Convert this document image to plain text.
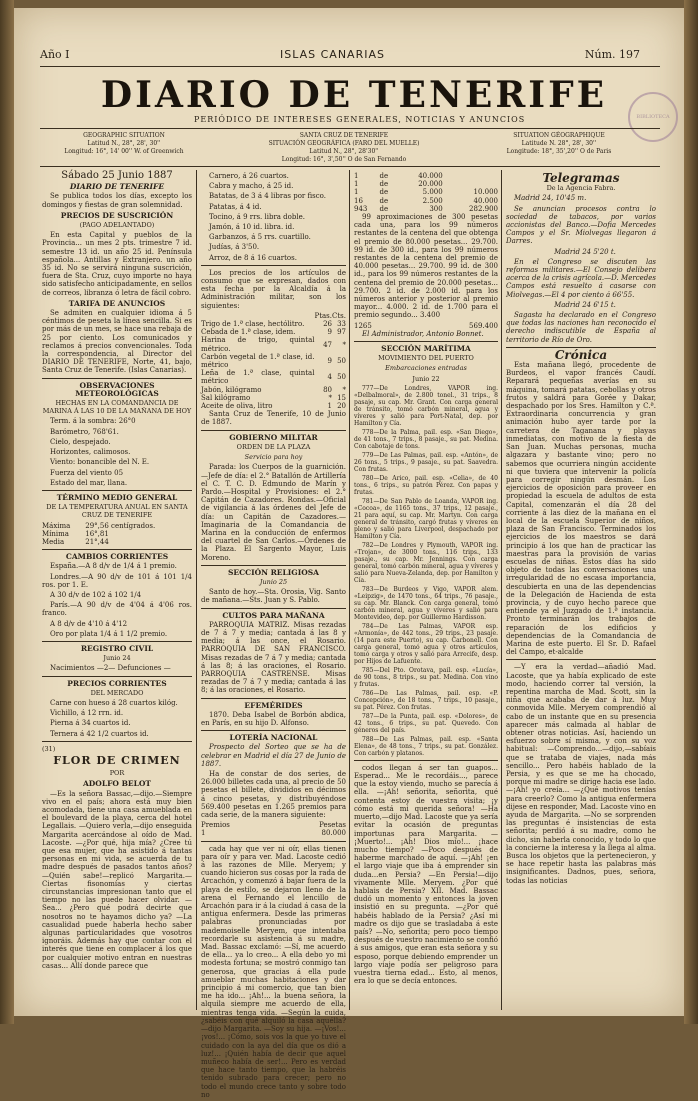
Año I	ISLAS CANARIAS	Núm. 197
DIARIO DE TENERIFE
PERIÓDICO DE INTERESES GENERALES, NOTICIAS Y ANUNCIOS	BIBLIOTECA
GEOGRAPHIC SITUATION
Latitud N., 28°, 28', 30''
Longitud: 16°, 14' 00'' W. of Greenwich
SANTA CRUZ DE TENERIFE
SITUACIÓN GEOGRÁFICA (FARO DEL MUELLE)
Latitud N., 28°, 28'30''
Longitud: 16°, 3',50'' O de San Fernando
SITUATION GÉOGRAPHIQUE
Latitude N. 28°, 28', 30''
Longitude: 18°, 35',20'' O de Paris

Sábado 25 Junio 1887

DIARIO DE TENERIFE

Se publica todos los días, excepto los domingos y fiestas de gran solemnidad.

PRECIOS DE SUSCRICIÓN

(PAGO ADELANTADO)

En esta Capital y pueblos de la Provincia... un mes 2 pts. trimestre 7 id. semestre 13 id. un año 25 id. Península española... Antillas y Extranjero. un año 35 id. No se servirá ninguna suscrición, fuera de Sta. Cruz, cuyo importe no haya sido satisfecho anticipadamente, en sellos de correos, libranza ó letra de fácil cobro.

TARIFA DE ANUNCIOS

Se admiten en cualquier idioma á 5 céntimos de peseta la línea sencilla. Si es por más de un mes, se hace una rebaja de 25 por ciento. Los comunicados y reclamos á precios convencionales. Toda la correspondencia, al Director del DIARIO DE TENERIFE, Norte, 41, bajo, Santa Cruz de Tenerife. (Islas Canarias).

OBSERVACIONES METEOROLÓGICAS

HECHAS EN LA COMANDANCIA DE MARINA Á LAS 10 DE LA MAÑANA DE HOY

Term. á la sombra: 26°0

Barómetro, 768'61.

Cielo, despejado.

Horizontes, calimosos.

Viento: bonancible del N. E.

Fuerza del viento 05

Estado del mar, llana.

TÉRMINO MEDIO GENERAL

DE LA TEMPERATURA ANUAL EN SANTA CRUZ DE TENERIFE

Máxima	29°,56 centígrados.
Mínima	16°,81
Media	21°,44

CAMBIOS CORRIENTES

España.—A 8 d/v de 1/4 á 1 premio.

Londres.—A 90 d/v de 101 á 101 1/4 ros. por 1. E.

A 30 d/v de 102 á 102 1/4

París.—A 90 d/v de 4'04 á 4'06 ros. franco.

A 8 d/v de 4'10 á 4'12

Oro por plata 1/4 á 1 1/2 premio.

REGISTRO CIVIL

Junio 24

Nacimientos —2— Defunciones —

PRECIOS CORRIENTES

DEL MERCADO

Carne con hueso á 28 cuartos kilóg.

Vichillo, á 12 rrn. id.

Pierna á 34 cuartos id.

Ternera á 42 1/2 cuartos id.

(31)

FLOR DE CRIMEN

POR

ADOLFO BELOT

—Es la señora Bassac,—dijo.—Siempre vivo en el país; ahora está muy bien acomodada, tiene una casa amueblada en el boulevard de la playa, cerca del hotel Legallais. —Quiero verla,—dijo enseguida Margarita acercándose al oído de Mad. Lacoste. —¿Por qué, hija mía? ¿Cree tú que esa mujer, que ha asistido á tantas personas en mi vida, se acuerda de tu madre después de pasados tantos años? —Quién sabe!—replicó Margarita.— Ciertas fisonomías y ciertas circunstancias impresionan tanto que el tiempo no las puede hacer olvidar. —Sea... ¿Pero qué podrá decirte que nosotros no te hayamos dicho ya? —La casualidad puede haberla hecho saber algunas particularidades que vosotros ignoráis. Además hay que contar con el interés que tiene en complacer á los que por cualquier motivo entran en nuestras casas... Allí donde parece que

Carnero, á 26 cuartos.

Cabra y macho, á 25 id.

Batatas, de 3 á 4 libras por fisco.

Patatas, á 4 id.

Tocino, á 9 rrs. libra doble.

Jamón, á 10 id. libra. id.

Garbanzos, á 5 rrs. cuartillo.

Judías, á 3'50.

Arroz, de 8 á 16 cuartos.

Los precios de los artículos de consumo que se expresan, dados con esta fecha por la Alcaldía á la Administración militar, son los siguientes:

	Ptas.	Cts.
Trigo de 1.ª clase, hectólitro.	26	33
Cebada de 1.ª clase, idem.	9	97
Harina de trigo, quintal métrico.	47	*
Carbón vegetal de 1.ª clase, id. métrico	9	50
Leña de 1.ª clase, quintal métrico	4	50
Jabón, kilógramo	80	*
Sal kilógramo	*	15
Aceite de oliva, litro	1	20

Santa Cruz de Tenerife, 10 de Junio de 1887.

GOBIERNO MILITAR

ORDEN DE LA PLAZA

Servicio para hoy

Parada: los Cuerpos de la guarnición.—Jefe de día: el 2.° Batallón de Artillería el C. T. C. D. Edmundo de Marín y Pardo.—Hospital y Provisiones: el 2.° Capitán de Cazadores. Rondas.—Oficial de vigilancia á las órdenes del Jefe de día: un Capitán de Cazadores.—Imaginaria de la Comandancia de Marina en la conducción de enfermos del cuartel de San Carlos.—Órdenes de la Plaza. El Sargento Mayor, Luis Moreno.

SECCIÓN RELIGIOSA

Junio 25

Santo de hoy.—Sta. Orosia, Vig. Santo de mañana.—Sts. Juan y S. Pablo.

CULTOS PARA MAÑANA

PARROQUIA MATRIZ. Misas rezadas de 7 á 7 y media; cantada á las 8 y media; á las once, el Rosario. PARROQUIA DE SAN FRANCISCO. Misas rezadas de 7 á 7 y media; cantada á las 8; á las oraciones, el Rosario. PARROQUIA CASTRENSE. Misas rezadas de 7 á 7 y media; cantada á las 8; á las oraciones, el Rosario.

EFEMÉRIDES

1870. Deba Isabel de Borbón abdica, en París, en su hijo D. Alfonso.

LOTERÍA NACIONAL

Prospecto del Sorteo que se ha de celebrar en Madrid el día 27 de Junio de 1887.

Ha de constar de dos series, de 26.000 billetes cada una, al precio de 50 pesetas el billete, divididos en décimos á cinco pesetas, y distribuyéndose 569.400 pesetas en 1.265 premios para cada serie, de la manera siguiente:

Premios	Pesetas
1	80.000

cada hay que ver ni oír, ellas tienen para oír y para ver. Mad. Lacoste cedió á las razones de Mlle. Meryem; y cuando hicieron sus cosas por la rada de Arcachón, y comenzó á bajar fuera de la playa de estilo, se dejaron lleno de la arena el Fernando el lencillo de Arcachón para ir á la ciudad á casa de la antigua enfermera. Desde las primeras palabras pronunciadas por mademoiselle Meryem, que intentaba recordarle su asistencia á su madre, Mad. Bassac exclamó: —Sí, me acuerdo de ella... ya lo creo... A ella debo yo mi modesta fortuna; se mostró conmigo tan generosa, que gracias á ella pude amueblar muchas habitaciones y dar principio á mi comercio, que tan bien me ha ido... ¡Ah!... la buena señora, la alquila siempre me acuerdo de ella, mientras tenga vida. —Según la cuida, ¿sabéis con qué alquiló la casa aquélla?—dijo Margarita. —Soy su hija. —¡Vos!... ¡vos!... ¡Cómo, sois vos la que yo tuve el cuidado con la aya del día que os dió a luz!... ¡Quién había de decir que aquel muñeco había de ser!... Pero es verdad que hace tanto tiempo, que la habréis tenido subrado para crecer; pero no todo el mundo crece tanto y sobre todo no

1	de	40.000	
1	de	20.000	
1	de	5.000	10.000
16	de	2.500	40.000
943	de	300	282.900

99 aproximaciones de 300 pesetas cada una, para los 99 números restantes de la centena del que obtenga el premio de 80.000 pesetas... 29.700. 99 id. de 300 id., para los 99 números restantes de la centena del premio de 40.000 pesetas... 29.700. 99 id. de 300 id., para los 99 números restantes de la centena del premio de 20.000 pesetas... 29.700. 2 id. de 2.000 id. para los números anterior y posterior al premio mayor... 4.000. 2 id. de 1.700 para el premio segundo... 3.400

1265	569.400

El Administrador, Antonio Bonnet.

SECCIÓN MARÍTIMA

MOVIMIENTO DEL PUERTO

Embarcaciones entradas

Junio 22

777—De Londres, VAPOR ing. «Delbalmoral», de 2.800 tonel., 31 trips., 8 pasaje, su cap. Mr. Grant. Con carga general de tránsito, tomó carbón mineral, agua y víveres y salió para Port-Natal, dep. por Hamilton y Cía.

778—De la Palma, pail. esp. «San Diego», de 41 tons., 7 trips., 8 pasaje., su pat. Medina. Con cabotaje de tons.

779—De Las Palmas, pail. esp. «Antón», de 26 tons., 5 trips., 9 pasaje., su pat. Saavedra. Con frutas.

780—De Arico, pail. esp. «Celia», de 40 tons., 6 trips., su patrón Pérez. Con papas y frutas.

781—De San Pablo de Loanda, VAPOR ing. «Cocoa», de 1165 tons., 37 trips., 12 pasaje., 21 para aquí, su cap. Mr. Martyn. Con carga general de tránsito, cargó frutas y víveres en pleno y salió para Liverpool, despachado por Hamilton y Cía.

782—De Londres y Plymouth, VAPOR ing. «Trojan», de 3000 tons., 116 trips., 133 pasaje., su cap. Mr. Jennings. Con carga general, tomó carbón mineral, agua y víveres y salió para Nueva-Zelanda, dep. por Hamilton y Cía.

783—De Burdeos y Vigo, VAPOR alem. «Leipzig», de 1470 tons., 64 trips., 76 pasaje., su cap. Mr. Blanck. Con carga general, tomó carbón mineral, agua y víveres y salió para Montevideo, dep. por Guillermo Hardisson.

784—De Las Palmas, VAPOR esp. «Armonía», de 442 tons., 29 trips., 23 pasaje. (14 para este Puerto), su cap. Carbonell. Con carga general, tomó agua y otros artículos, tomó carga y otros y salió para Arrecife, desp. por Hijos de Lafuente.

785—Del Pto. Orotava, pail. esp. «Lucía», de 90 tons., 8 trips., su pat. Medina. Con vino y frutas.

786—De Las Palmas, pail. esp. «P. Concepción», de 18 tons., 7 trips., 10 pasaje., su pat. Pérez. Con frutas.

787—De la Punta, pail. esp. «Dolores», de 42 tons., 6 trips., su pat. Quevedo. Con géneros del país.

788—De Las Palmas, pail. esp. «Santa Elena», de 48 tons., 7 trips., su pat. González. Con carbón y platanos.

codos llegan á ser tan guapos... Esperad... Me le recordáis..., parece que la estoy viendo, mucho se parecía á ella. —¡Ah! señorita, señorita, qué contenta estoy de vuestra visita; ¡y cómo está mi querida señora! —Ha muerto,—dijo Mad. Lacoste que ya sería evitar la ocasión de preguntas importunas para Margarita. —¡Muerto!... ¡Ah! Dios mío!... ¡hace mucho tiempo? —Poco después de haberme marchado de aquí. —¡Ah! ¡en el largo viaje que iba á emprender sin duda...en Persia? —En Persia!—dijo vivamente Mlle. Meryem. ¿Por qué hablais de Persia? XII. Mad. Bassac dudó un momento y entonces la joven insistió en su pregunta. —¿Por qué habéis hablado de la Persia? ¿Así mi madre os dijo que se trasladaba á este país? —No, señorita; pero poco tiempo después de vuestro nacimiento se confió á sus amigos, que eran esta señora y su esposo, porque debiendo emprender un largo viaje podía ser peligroso para vuestra tierna edad... Esto, al menos, era lo que se decía entonces.

Telegramas

De la Agencia Fabra.

Madrid 24, 10'45 m.

Se anuncian procesos contra lo sociedad de tabacos, por varios accionistas del Banco.—Dofia Mercedes Campos y el Sr. Miolvegas llegaron á Darres.

Madrid 24 5'20 t.

En el Congreso se discuten las reformas militares.—El Consejo delibera acerca de la crisis agrícola.—D. Mercedes Campos está resuelto á casarse con Miolvegas.—El 4 por ciento á 66'55.

Madrid 24 6'15 t.

Sagasta ha declarado en el Congreso que todas las naciones han reconocido el derecho indiscutible de España al territorio de Río de Oro.

Crónica

Esta mañana llegó, procedente de Burdeos, el vapor francés Caudí. Reparará pequeñas averías en su máquina, tomará patatas, cebollas y otros frutos y saldrá para Gorée y Dakar, despachado por los Sres. Hamilton y C.ª. Extraordinaria concurrencia y gran animación hubo ayer tarde por la carretera de Taganana y playas inmediatas, con motivo de la fiesta de San Juan. Muchas personas, mucha algazara y bastante vino; pero no sabemos que ocurriera ningún accidente ni que tuviera que intervenir la policía para corregir ningún desmán. Los ejercicios de oposición para proveer en propiedad la escuela de adultos de esta Capital, comenzarán el día 28 del corriente á las diez de la mañana en el local de la escuela Superior de niños, plaza de San Francisco. Terminados los ejercicios de los maestros se dará principio á los que han de practicar las maestras para la provisión de varias escuelas de niñas. Estos días ha sido objeto de todas las conversaciones una irregularidad de no escasa importancia, descubierta en una de las dependencias de la Delegación de Hacienda de esta provincia, y de cuyo hecho parece que entiende ya el Juzgado de 1.ª instancia. Pronto terminarán los trabajos de reparación de los edificios y dependencias de la Comandancia de Marina de este puerto. El Sr. D. Rafael del Campo, et-alcalde

—Y era la verdad—añadió Mad. Lacoste, que ya había explicado de este modo, haciendo correr tal versión, la repentina marcha de Mad. Scott, sin la niña que acababa de dar á luz. Muy conmovida Mlle. Meryem comprendió al cabo de un instante que en su presencia aparecer más calmada al hablar de obtener otras noticias. Así, haciendo un esfuerzo sobre sí misma, y con su voz habitual: —Comprendo...—dijo,—sabíais que se trataba de viajes, nada más sencillo... Pero habéis hablado de la Persia, y es que se me ha chocado, porque mi madre se dirige hacia ese lado. —¡Ah! yo creía... —¿Qué motivos tenías para creerlo? Como la antigua enfermera dijese en responder, Mad. Lacoste vino en ayuda de Margarita. —No se sorprenden las preguntas é insistencias de esta señorita; perdió á su madre, como he dicho, sin haberla conocido, y todo lo que la concierne la interesa y la llega al alma. Busca los objetos que la pertenecieron, y se hace repetir hasta las palabras más insignificantes. Dadnos, pues, señora, todas las noticias
